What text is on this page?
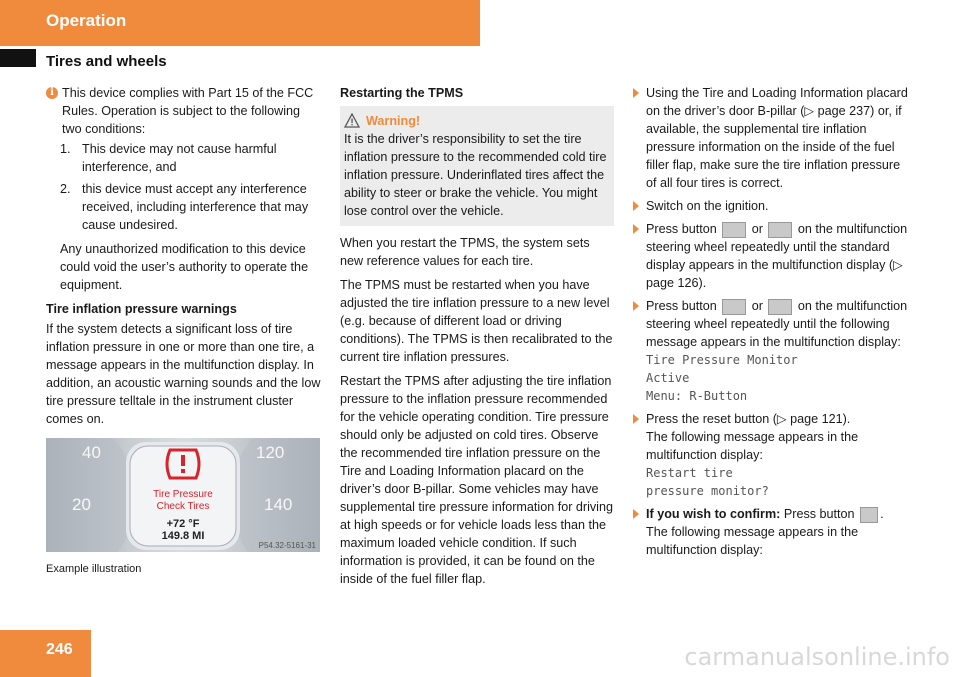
Operation
Tires and wheels
i This device complies with Part 15 of the FCC Rules. Operation is subject to the following two conditions:
1. This device may not cause harmful interference, and
2. this device must accept any interference received, including interference that may cause undesired.

Any unauthorized modification to this device could void the user’s authority to operate the equipment.

Tire inflation pressure warnings

If the system detects a significant loss of tire inflation pressure in one or more than one tire, a message appears in the multifunction display. In addition, an acoustic warning sounds and the low tire pressure telltale in the instrument cluster comes on.

Tire Pressure
Check Tires
+72 °F
149.8 MI
40
20
120
140
P54.32-5161-31
Example illustration
Restarting the TPMS
Warning!
It is the driver’s responsibility to set the tire inflation pressure to the recommended cold tire inflation pressure. Underinflated tires affect the ability to steer or brake the vehicle. You might lose control over the vehicle.

When you restart the TPMS, the system sets new reference values for each tire.

The TPMS must be restarted when you have adjusted the tire inflation pressure to a new level (e.g. because of different load or driving conditions). The TPMS is then recalibrated to the current tire inflation pressures.

Restart the TPMS after adjusting the tire inflation pressure to the inflation pressure recommended for the vehicle operating condition. Tire pressure should only be adjusted on cold tires. Observe the recommended tire inflation pressure on the Tire and Loading Information placard on the driver’s door B-pillar. Some vehicles may have supplemental tire pressure information for driving at high speeds or for vehicle loads less than the maximum loaded vehicle condition. If such information is provided, it can be found on the inside of the fuel filler flap.

Using the Tire and Loading Information placard on the driver’s door B-pillar (▷ page 237) or, if available, the supplemental tire inflation pressure information on the inside of the fuel filler flap, make sure the tire inflation pressure of all four tires is correct.
Switch on the ignition.
Press button	or	on the multifunction steering wheel repeatedly until the standard display appears in the multifunction display (▷ page 126).
Press button	or	on the multifunction steering wheel repeatedly until the following message appears in the multifunction display:
Tire Pressure Monitor
Active
Menu: R-Button
Press the reset button (▷ page 121).
The following message appears in the multifunction display:
Restart tire
pressure monitor?
If you wish to confirm: Press button .
The following message appears in the multifunction display:
246	carmanualsonline.info
